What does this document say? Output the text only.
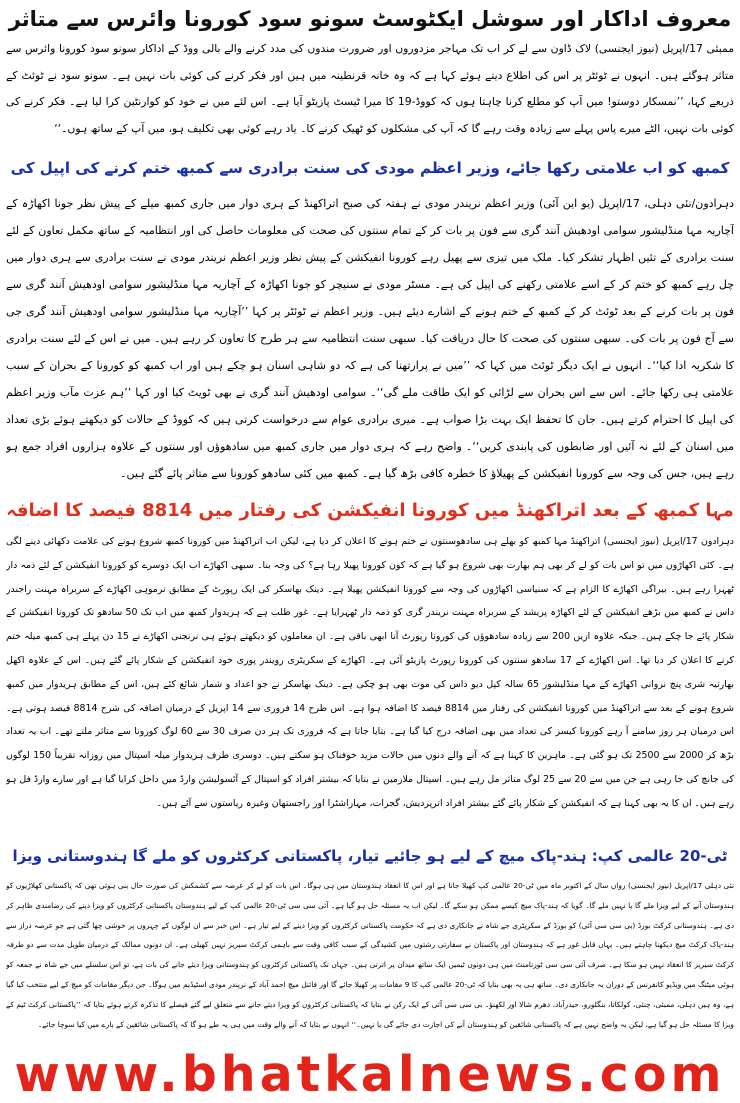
معروف اداکار اور سوشل ایکٹوسٹ سونو سود کورونا وائرس سے متاثر
ممبئی 17/اپریل (نیوز ایجنسی) لاک ڈاون سے لے کر اب تک مہاجر مزدوروں اور ضرورت مندوں کی مدد کرنے والے بالی ووڈ کے اداکار سونو سود کورونا وائرس سے متاثر ہوگئے ہیں۔ انہوں نے ٹوئٹر پر اس کی اطلاع دیتے ہوئے کہا ہے کہ وہ خانہ قرنطینہ میں ہیں اور فکر کرنے کی کوئی بات نہیں ہے۔ سونو سود نے ٹوئٹ کے ذریعے کہا، ’’نمسکار دوستو! میں آپ کو مطلع کرنا چاہتا ہوں کہ کووڈ-19 کا میرا ٹیسٹ پازیٹو آیا ہے۔ اس لئے میں نے خود کو کوارنٹین کرا لیا ہے۔ فکر کرنے کی کوئی بات نہیں، الٹے میرے پاس پہلے سے زیادہ وقت رہے گا کہ آپ کی مشکلوں کو ٹھیک کرنے کا۔ یاد رہے کوئی بھی تکلیف ہو، میں آپ کے ساتھ ہوں۔‘‘
کمبھ کو اب علامتی رکھا جائے، وزیر اعظم مودی کی سنت برادری سے کمبھ ختم کرنے کی اپیل کی
دہرادون/نئی دہلی، 17/اپریل (یو این آئی) وزیر اعظم نریندر مودی نے ہفتہ کی صبح اتراکھنڈ کے ہری دوار میں جاری کمبھ میلے کے پیش نظر جونا اکھاڑہ کے آچاریہ مہا منڈلیشور سوامی اودھیش آنند گری سے فون پر بات کر کے تمام سنتوں کی صحت کی معلومات حاصل کی اور انتظامیہ کے ساتھ مکمل تعاون کے لئے سنت برادری کے تئیں اظہار تشکر کیا۔ ملک میں تیزی سے پھیل رہے کورونا انفیکشن کے پیش نظر وزیر اعظم نریندر مودی نے سنت برادری سے ہری دوار میں چل رہے کمبھ کو ختم کر کے اسے علامتی رکھنے کی اپیل کی ہے۔ مسٹر مودی نے سنیچر کو جونا اکھاڑہ کے آچاریہ مہا منڈلیشور سوامی اودھیش آنند گری سے فون پر بات کرنے کے بعد ٹوئٹ کر کے کمبھ کے ختم ہونے کے اشارے دیئے ہیں۔ وزیر اعظم نے ٹوئٹر پر کہا ’’آچاریہ مہا منڈلیشور سوامی اودھیش آنند گری جی سے آج فون پر بات کی۔ سبھی سنتوں کی صحت کا حال دریافت کیا۔ سبھی سنت انتظامیہ سے ہر طرح کا تعاون کر رہے ہیں۔ میں نے اس کے لئے سنت برادری کا شکریہ ادا کیا‘‘۔ انہوں نے ایک دیگر ٹوئٹ میں کہا کہ ’’میں نے پرارتھنا کی ہے کہ دو شاہی اسنان ہو چکے ہیں اور اب کمبھ کو کورونا کے بحران کے سبب علامتی ہی رکھا جائے۔ اس سے اس بحران سے لڑائی کو ایک طاقت ملے گی‘‘۔ سوامی اودھیش آنند گری نے بھی ٹویٹ کیا اور کہا ’’ہم عزت مآب وزیر اعظم کی اپیل کا احترام کرتے ہیں۔ جان کا تحفظ ایک بہت بڑا صواب ہے۔ میری برادری عوام سے درخواست کرتی ہیں کہ کووڈ کے حالات کو دیکھتے ہوئے بڑی تعداد میں اسنان کے لئے نہ آئیں اور ضابطوں کی پابندی کریں‘‘۔ واضح رہے کہ ہری دوار میں جاری کمبھ میں سادھوؤں اور سنتوں کے علاوہ ہزاروں افراد جمع ہو رہے ہیں، جس کی وجہ سے کورونا انفیکشن کے پھیلاؤ کا خطرہ کافی بڑھ گیا ہے۔ کمبھ میں کئی سادھو کورونا سے متاثر پائے گئے ہیں۔
مہا کمبھ کے بعد اتراکھنڈ میں کورونا انفیکشن کی رفتار میں 8814 فیصد کا اضافہ
دہرادون 17/اپریل (نیوز ایجنسی) اتراکھنڈ مہا کمبھ کو بھلے ہی سادھوسنتوں نے ختم ہونے کا اعلان کر دیا ہے، لیکن اب اتراکھنڈ میں کورونا کمبھ شروع ہونے کی علامت دکھائی دینے لگی ہے۔ کئی اکھاڑوں میں تو اس بات کو لے کر بھی ہم بھارت بھی شروع ہو گیا ہے کہ کون کورونا پھیلا رہا ہے؟ کی وجہ بنا۔ سبھی اکھاڑے اب ایک دوسرے کو کورونا انفیکشن کے لئے ذمہ دار ٹھہرا رہے ہیں۔ بیراگی اکھاڑے کا الزام ہے کہ سنیاسی اکھاڑوں کی وجہ سے کورونا انفیکشن پھیلا ہے۔ دینک بھاسکر کی ایک رپورٹ کے مطابق نرموہی اکھاڑے کے سربراہ مہنت راجندر داس نے کمبھ میں بڑھے انفیکشن کے لئے اکھاڑہ پریشد کے سربراہ مہنت نریندر گری کو ذمہ دار ٹھہرایا ہے۔ غور طلب ہے کہ ہریدوار کمبھ میں اب تک 50 سادھو تک کورونا انفیکشن کے شکار پائے جا چکے ہیں۔ جبکہ علاوہ ازیں 200 سے زیادہ سادھوؤں کی کورونا رپورٹ آنا ابھی باقی ہے۔ ان معاملوں کو دیکھتے ہوئے ہی نرنجنی اکھاڑے نے 15 دن پہلے ہی کمبھ میلہ ختم کرنے کا اعلان کر دیا تھا۔ اس اکھاڑے کے 17 سادھو سنتوں کی کورونا رپورٹ پازیٹو آئی ہے۔ اکھاڑے کے سکریٹری رویندر پوری خود انفیکشن کے شکار پائے گئے ہیں۔ اس کے علاوہ اکھل بھارتیہ شری پنچ نروانی اکھاڑے کے مہا منڈلیشور 65 سالہ کپل دیو داس کی موت بھی ہو چکی ہے۔ دینک بھاسکر نے جو اعداد و شمار شائع کئے ہیں، اس کے مطابق ہریدوار میں کمبھ شروع ہونے کے بعد سے اتراکھنڈ میں کورونا انفیکشن کی رفتار میں 8814 فیصد کا اضافہ ہوا ہے۔ اس طرح 14 فروری سے 14 اپریل کے درمیان اضافہ کی شرح 8814 فیصد ہوتی ہے۔ اس درمیان ہر روز سامنے آ رہے کورونا کیسز کی تعداد میں بھی اضافہ درج کیا گیا ہے۔ بتایا جاتا ہے کہ فروری تک ہر دن صرف 30 سے 60 لوگ کورونا سے متاثر ملتے تھے۔ اب یہ تعداد بڑھ کر 2000 سے 2500 تک ہو گئی ہے۔ ماہرین کا کہنا ہے کہ آنے والے دنوں میں حالات مزید خوفناک ہو سکتے ہیں۔ دوسری طرف ہریدوار میلہ اسپتال میں روزانہ تقریباً 150 لوگوں کی جانچ کی جا رہی ہے جن میں سے 20 سے 25 لوگ متاثر مل رہے ہیں۔ اسپتال ملازمین نے بتایا کہ بیشتر افراد کو اسپتال کے آئسولیشن وارڈ میں داخل کرایا گیا ہے اور سارے وارڈ فل ہو رہے ہیں۔ ان کا یہ بھی کہنا ہے کہ انفیکشن کے شکار پائے گئے بیشتر افراد اترپردیش، گجرات، مہاراشٹرا اور راجستھان وغیرہ ریاستوں سے آئے ہیں۔
ٹی-20 عالمی کپ: ہند-پاک میچ کے لیے ہو جائیے تیار، پاکستانی کرکٹروں کو ملے گا ہندوستانی ویزا
نئی دہلی 17/اپریل (نیوز ایجنسی) رواں سال کے اکتوبر ماہ میں ٹی-20 عالمی کپ کھیلا جانا ہے اور اس کا انعقاد ہندوستان میں ہی ہوگا۔ اس بات کو لے کر عرصہ سے کشمکش کی صورت حال بنی ہوئی تھی کہ پاکستانی کھلاڑیوں کو ہندوستان آنے کے لیے ویزا ملے گا یا نہیں ملے گا۔ گویا کہ ہند-پاک میچ کیسے ممکن ہو سکے گا۔ لیکن اب یہ مسئلہ حل ہو گیا ہے۔ آئی سی سی ٹی-20 عالمی کپ کے لیے ہندوستان پاکستانی کرکٹروں کو ویزا دینے کی رضامندی ظاہر کر دی ہے۔ ہندوستانی کرکٹ بورڈ (بی سی سی آئی) کو بورڈ کے سکریٹری جے شاہ نے جانکاری دی ہے کہ حکومت پاکستانی کرکٹروں کو ویزا دینے کے لیے تیار ہے۔ اس خبر سے ان لوگوں کے چہروں پر خوشی چھا گئی ہے جو عرصہ دراز سے ہند-پاک کرکٹ میچ دیکھنا چاہتے ہیں۔ یہاں قابل غور ہے کہ ہندوستان اور پاکستان نے سفارتی رشتوں میں کشیدگی کے سبب کافی وقت سے باہمی کرکٹ سیریز نہیں کھیلی ہے۔ ان دونوں ممالک کے درمیان طویل مدت سے دو طرفہ کرکٹ سیریز کا انعقاد نہیں ہو سکا ہے۔ صرف آئی سی سی ٹورنامنٹ میں ہی دونوں ٹیمیں ایک ساتھ میدان پر اترتی ہیں۔ جہاں تک پاکستانی کرکٹروں کو ہندوستانی ویزا دیئے جانے کی بات ہے، تو اس سلسلے میں جے شاہ نے جمعہ کو ہوئی میٹنگ میں ویڈیو کانفرنس کے دوران یہ جانکاری دی۔ ساتھ ہی یہ بھی بتایا کہ ٹی-20 عالمی کپ کا 9 مقامات پر کھیلا جائے گا اور فائنل میچ احمد آباد کے نریندر مودی اسٹیڈیم میں ہوگا۔ جن دیگر مقامات کو میچ کے لیے منتخب کیا گیا ہے، وہ ہیں دہلی، ممبئی، چنئی، کولکاتا، بنگلورو، حیدرآباد، دھرم شالا اور لکھنؤ۔ بی سی سی آئی کے ایک رکن نے بتایا کہ پاکستانی کرکٹروں کو ویزا دیئے جانے سے متعلق لیے گئے فیصلے کا تذکرہ کرتے ہوئے بتایا کہ ’’پاکستانی کرکٹ ٹیم کے ویزا کا مسئلہ حل ہو گیا ہے، لیکن یہ واضح نہیں ہے کہ پاکستانی شائقین کو ہندوستان آنے کی اجازت دی جائے گی یا نہیں۔‘‘ انہوں نے بتایا کہ آنے والے وقت میں ہی یہ طے ہو گا کہ پاکستانی شائقین کے بارے میں کیا سوچا جائے۔
www.bhatkalnews.com
